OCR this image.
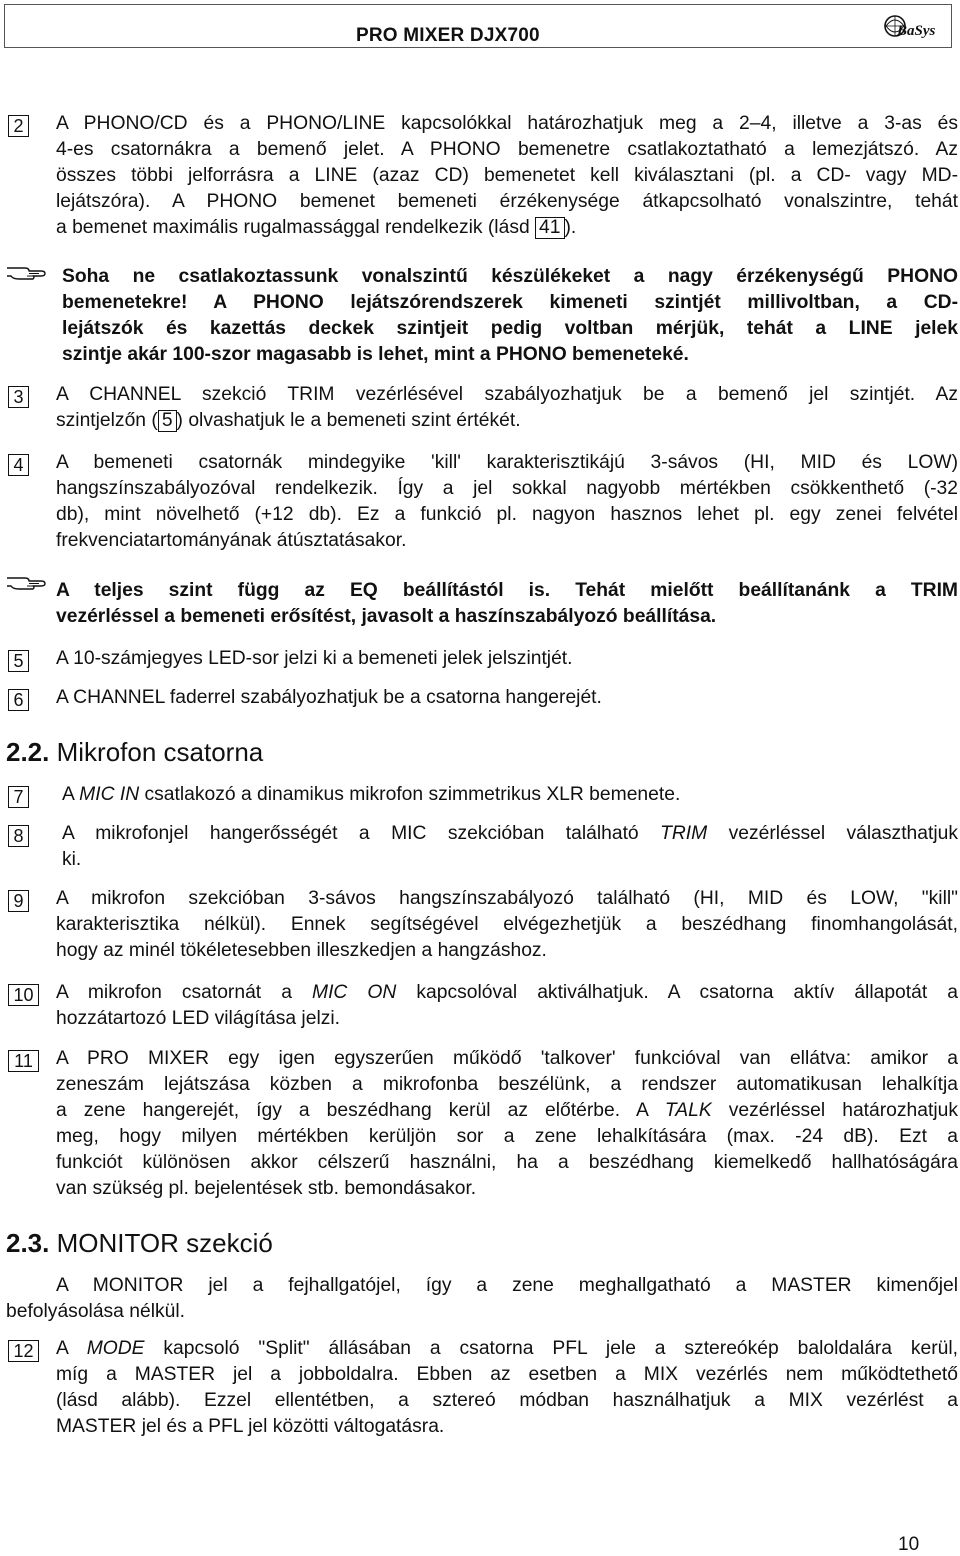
PRO MIXER DJX700	BaSys
2 A PHONO/CD és a PHONO/LINE kapcsolókkal határozhatjuk meg a 2–4, illetve a 3-as és
4-es csatornákra a bemenő jelet. A PHONO bemenetre csatlakoztatható a lemezjátszó. Az
összes többi jelforrásra a LINE (azaz CD) bemenetet kell kiválasztani (pl. a CD- vagy MD-
lejátszóra). A PHONO bemenet bemeneti érzékenysége átkapcsolható vonalszintre, tehát
a bemenet maximális rugalmassággal rendelkezik (lásd 41 ).
Soha ne csatlakoztassunk vonalszintű készülékeket a nagy érzékenységű PHONO
bemenetekre! A PHONO lejátszórendszerek kimeneti szintjét millivoltban, a CD-
lejátszók és kazettás deckek szintjeit pedig voltban mérjük, tehát a LINE jelek
szintje akár 100-szor magasabb is lehet, mint a PHONO bemeneteké.
3 A CHANNEL szekció TRIM vezérlésével szabályozhatjuk be a bemenő jel szintjét. Az
szintjelzőn ( 5 ) olvashatjuk le a bemeneti szint értékét.
4 A bemeneti csatornák mindegyike 'kill' karakterisztikájú 3-sávos (HI, MID és LOW)
hangszínszabályozóval rendelkezik. Így a jel sokkal nagyobb mértékben csökkenthető (-32
db), mint növelhető (+12 db). Ez a funkció pl. nagyon hasznos lehet pl. egy zenei felvétel
frekvenciatartományának átúsztatásakor.
A teljes szint függ az EQ beállítástól is. Tehát mielőtt beállítanánk a TRIM
vezérléssel a bemeneti erősítést, javasolt a haszínszabályozó beállítása.
5 A 10-számjegyes LED-sor jelzi ki a bemeneti jelek jelszintjét.
6 A CHANNEL faderrel szabályozhatjuk be a csatorna hangerejét.
2.2. Mikrofon csatorna
7 A MIC IN csatlakozó a dinamikus mikrofon szimmetrikus XLR bemenete.
8 A mikrofonjel hangerősségét a MIC szekcióban található TRIM vezérléssel választhatjuk
ki.
9 A mikrofon szekcióban 3-sávos hangszínszabályozó található (HI, MID és LOW, "kill"
karakterisztika nélkül). Ennek segítségével elvégezhetjük a beszédhang finomhangolását,
hogy az minél tökéletesebben illeszkedjen a hangzáshoz.
10 A mikrofon csatornát a MIC ON kapcsolóval aktiválhatjuk. A csatorna aktív állapotát a
hozzátartozó LED világítása jelzi.
11	A PRO MIXER egy igen egyszerűen működő 'talkover' funkcióval van ellátva: amikor a
zeneszám lejátszása közben a mikrofonba beszélünk, a rendszer automatikusan lehalkítja
a zene hangerejét, így a beszédhang kerül az előtérbe. A TALK vezérléssel határozhatjuk
meg, hogy milyen mértékben kerüljön sor a zene lehalkítására (max. -24 dB). Ezt a
funkciót különösen akkor célszerű használni, ha a beszédhang kiemelkedő hallhatóságára
van szükség pl. bejelentések stb. bemondásakor.
2.3. MONITOR szekció
A MONITOR jel a fejhallgatójel, így a zene meghallgatható a MASTER kimenőjel
befolyásolása nélkül.
12 A MODE kapcsoló "Split" állásában a csatorna PFL jele a sztereókép baloldalára kerül,
míg a MASTER jel a jobboldalra. Ebben az esetben a MIX vezérlés nem működtethető
(lásd alább). Ezzel ellentétben, a sztereó módban használhatjuk a MIX vezérlést a
MASTER jel és a PFL jel közötti váltogatásra.
10
